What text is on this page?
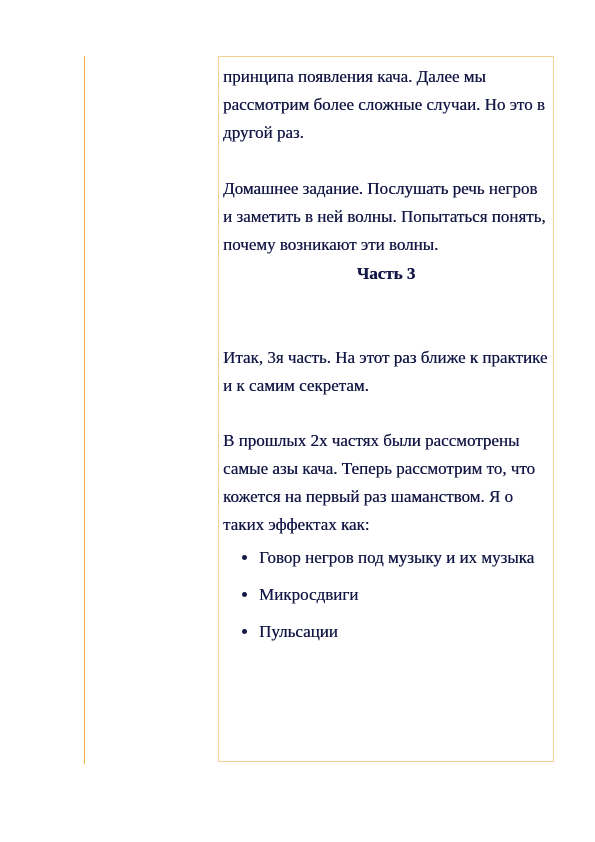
принципа появления кача. Далее мы рассмотрим более сложные случаи. Но это в другой раз.

Домашнее задание. Послушать речь негров и заметить в ней волны. Попытаться понять, почему возникают эти волны.

Часть 3

Итак, 3я часть. На этот раз ближе к практике и к самим секретам.

В прошлых 2х частях были рассмотрены самые азы кача. Теперь рассмотрим то, что кожется на первый раз шаманством. Я о таких эффектах как:

Говор негров под музыку и их музыка
Микросдвиги
Пульсации
